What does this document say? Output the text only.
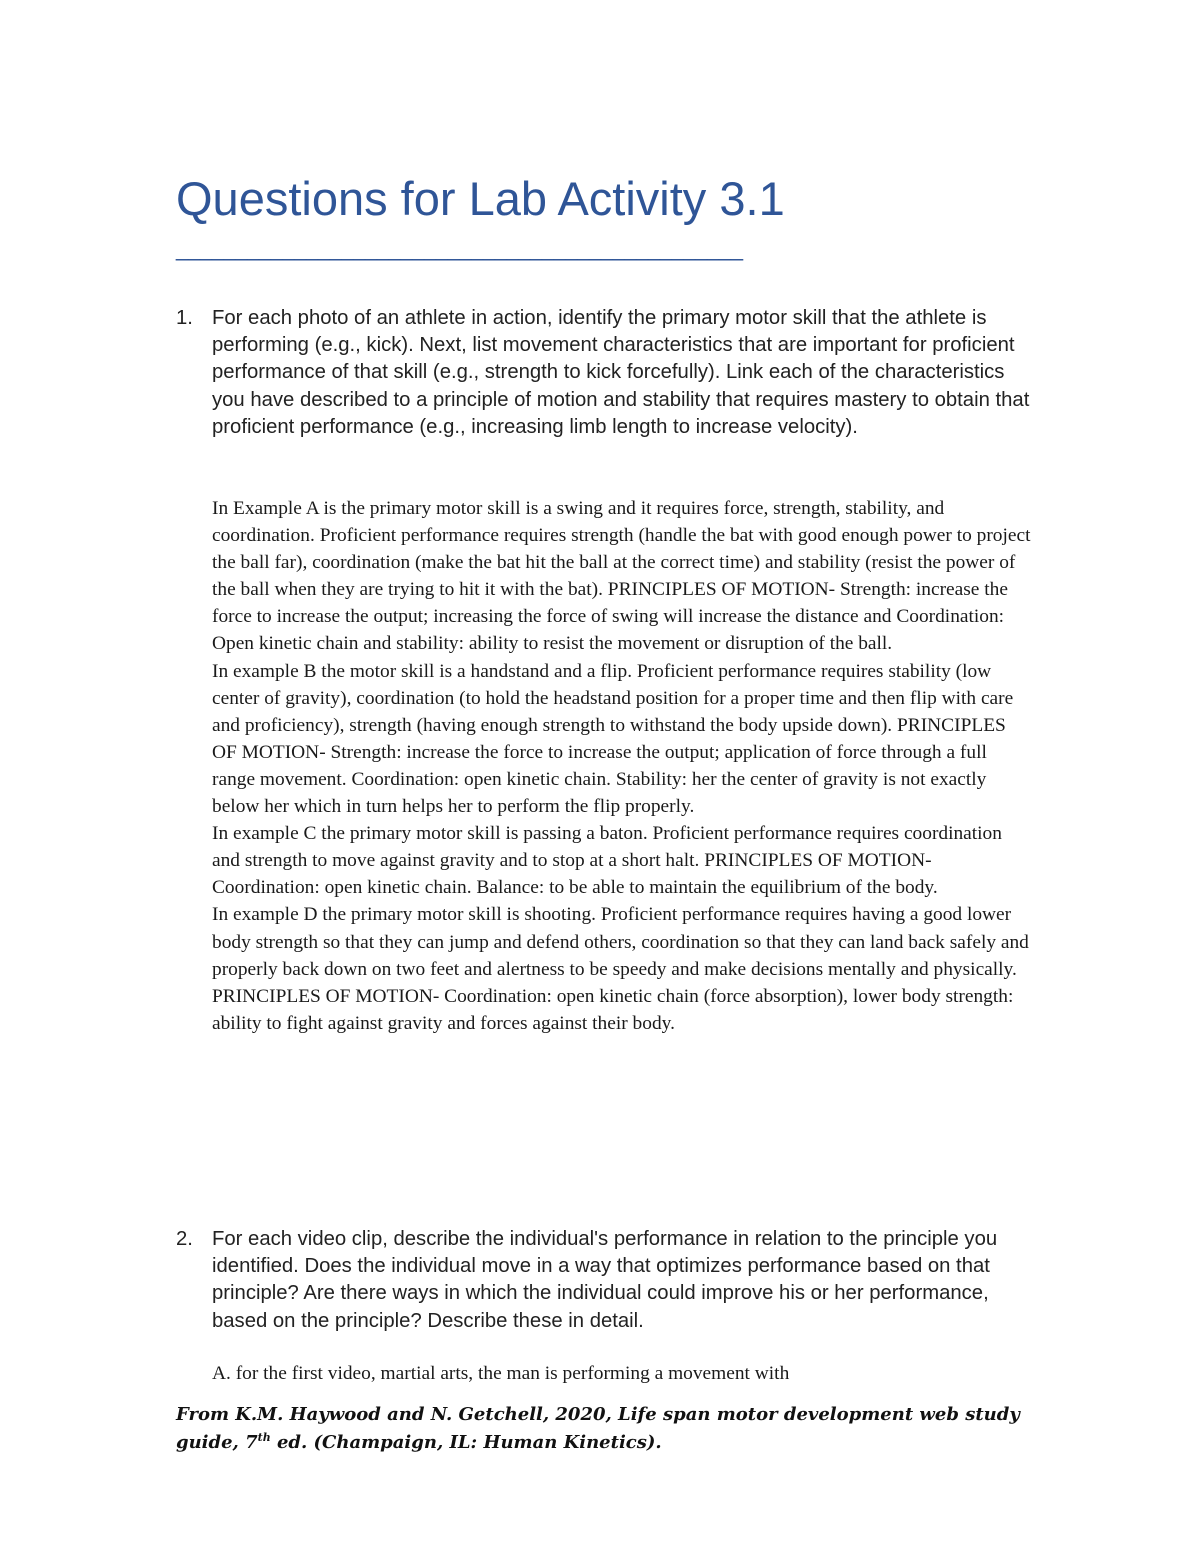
Questions for Lab Activity 3.1
________________________________________________
1. For each photo of an athlete in action, identify the primary motor skill that the athlete is performing (e.g., kick). Next, list movement characteristics that are important for proficient performance of that skill (e.g., strength to kick forcefully). Link each of the characteristics you have described to a principle of motion and stability that requires mastery to obtain that proficient performance (e.g., increasing limb length to increase velocity).

In Example A is the primary motor skill is a swing and it requires force, strength, stability, and coordination. Proficient performance requires strength (handle the bat with good enough power to project the ball far), coordination (make the bat hit the ball at the correct time) and stability (resist the power of the ball when they are trying to hit it with the bat). PRINCIPLES OF MOTION- Strength: increase the force to increase the output; increasing the force of swing will increase the distance and Coordination: Open kinetic chain and stability: ability to resist the movement or disruption of the ball.

In example B the motor skill is a handstand and a flip. Proficient performance requires stability (low center of gravity), coordination (to hold the headstand position for a proper time and then flip with care and proficiency), strength (having enough strength to withstand the body upside down). PRINCIPLES OF MOTION- Strength: increase the force to increase the output; application of force through a full range movement. Coordination: open kinetic chain. Stability: her the center of gravity is not exactly below her which in turn helps her to perform the flip properly.

In example C the primary motor skill is passing a baton. Proficient performance requires coordination and strength to move against gravity and to stop at a short halt. PRINCIPLES OF MOTION- Coordination: open kinetic chain. Balance: to be able to maintain the equilibrium of the body.

In example D the primary motor skill is shooting. Proficient performance requires having a good lower body strength so that they can jump and defend others, coordination so that they can land back safely and properly back down on two feet and alertness to be speedy and make decisions mentally and physically. PRINCIPLES OF MOTION- Coordination: open kinetic chain (force absorption), lower body strength: ability to fight against gravity and forces against their body.

2. For each video clip, describe the individual's performance in relation to the principle you identified. Does the individual move in a way that optimizes performance based on that principle? Are there ways in which the individual could improve his or her performance, based on the principle? Describe these in detail.

A. for the first video, martial arts, the man is performing a movement with

From K.M. Haywood and N. Getchell, 2020, Life span motor development web study guide, 7th ed. (Champaign, IL: Human Kinetics).
